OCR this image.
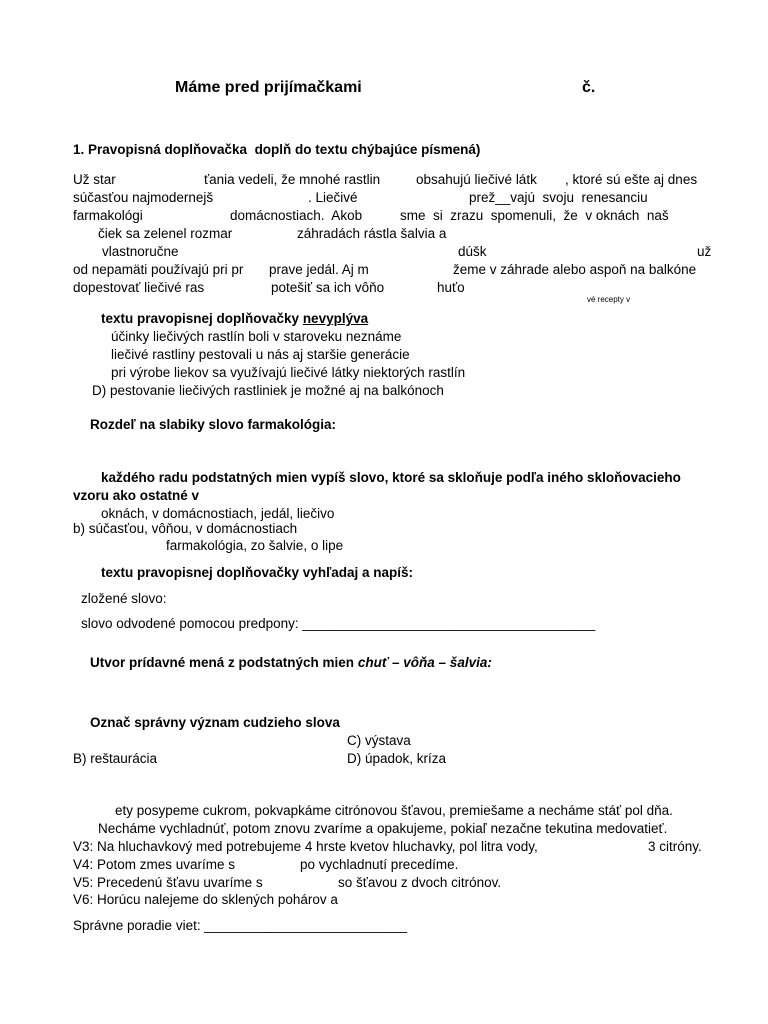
Máme pred prijímačkami	č.
1. Pravopisná doplňovačka  doplň do textu chýbajúce písmená)
Už star	ťania vedeli, že mnohé rastlin	obsahujú liečivé látk , ktoré sú ešte aj dnes
súčasťou najmodernejš	. Liečivé	prež__vajú  svoju  renesanciu
farmakológi	domácnostiach.  Akob	sme  si  zrazu  spomenuli,  že  v oknách  naš
čiek sa zelenel rozmar	záhradách rástla šalvia a
vlastnoručne	dúšk	už
od nepamäti používajú pri pr prave jedál. Aj m	žeme v záhrade alebo aspoň na balkóne
dopestovať liečivé ras	potešiť sa ich vôňo	huťo
vé recepty v
textu pravopisnej doplňovačky nevyplýva
účinky liečivých rastlín boli v staroveku neznáme
liečivé rastliny pestovali u nás aj staršie generácie
pri výrobe liekov sa využívajú liečivé látky niektorých rastlín
D) pestovanie liečivých rastliniek je možné aj na balkónoch
Rozdeľ na slabiky slovo farmakológia:
každého radu podstatných mien vypíš slovo, ktoré sa skloňuje podľa iného skloňovacieho
vzoru ako ostatné v
oknách, v domácnostiach, jedál, liečivo
b) súčasťou, vôňou, v domácnostiach
farmakológia, zo šalvie, o lipe
textu pravopisnej doplňovačky vyhľadaj a napíš:
zložené slovo:
slovo odvodené pomocou predpony: _______________________________________
Utvor prídavné mená z podstatných mien chuť – vôňa – šalvia:
Označ správny význam cudzieho slova
C) výstava
B) reštaurácia	D) úpadok, kríza
ety posypeme cukrom, pokvapkáme citrónovou šťavou, premiešame a necháme stáť pol dňa.
Necháme vychladnúť, potom znovu zvaríme a opakujeme, pokiaľ nezačne tekutina medovatieť.
V3: Na hluchavkový med potrebujeme 4 hrste kvetov hluchavky, pol litra vody,	3 citróny.
V4: Potom zmes uvaríme s	po vychladnutí precedíme.
V5: Precedenú šťavu uvaríme s	so šťavou z dvoch citrónov.
V6: Horúcu nalejeme do sklených pohárov a
Správne poradie viet: ___________________________
